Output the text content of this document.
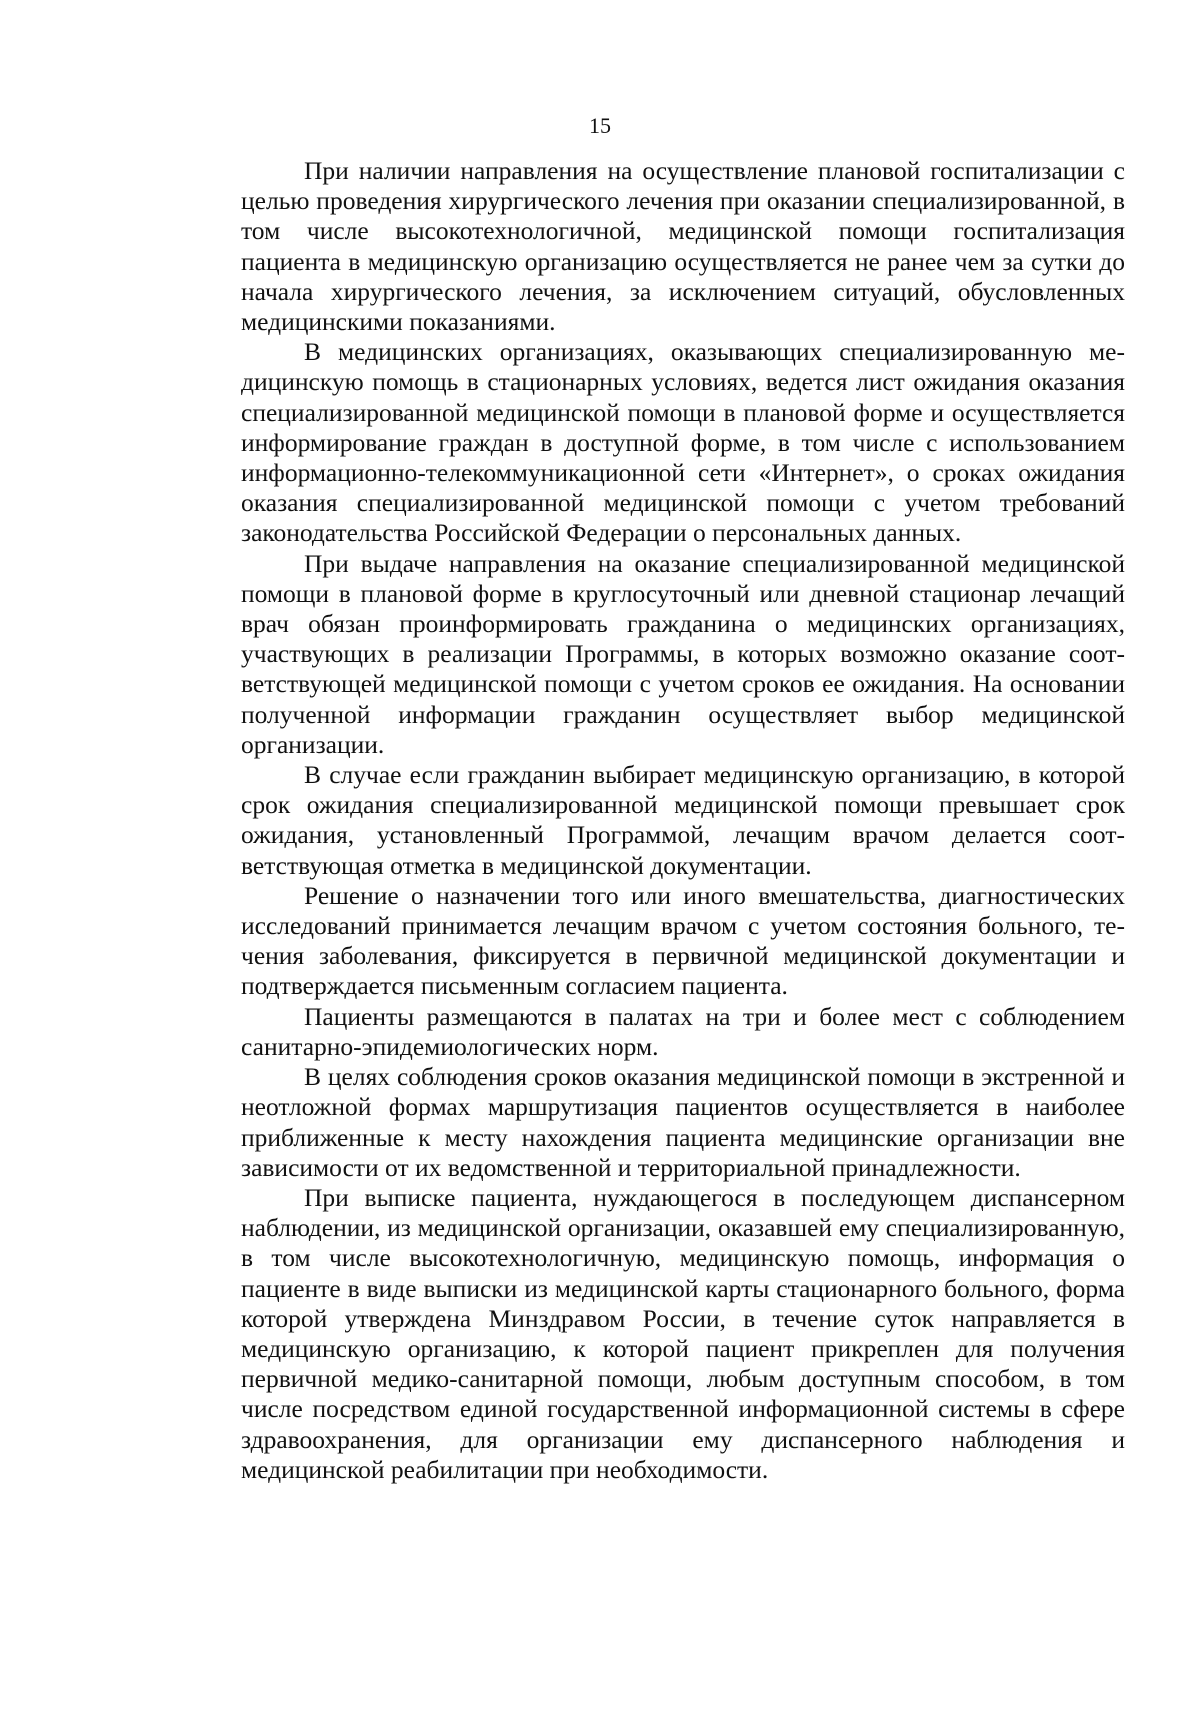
15

При наличии направления на осуществление плановой госпитализации с целью проведения хирургического лечения при оказании специализированной, в том числе высокотехнологичной, медицинской помощи госпитализация пациента в медицинскую организацию осуществляется не ранее чем за сутки до начала хирургического лечения, за исключением ситуаций, обусловленных медицинскими показаниями.

В медицинских организациях, оказывающих специализированную медицинскую помощь в стационарных условиях, ведется лист ожидания оказания специализированной медицинской помощи в плановой форме и осуществляется информирование граждан в доступной форме, в том числе с использованием информационно-телекоммуникационной сети «Интернет», о сроках ожидания оказания специализированной медицинской помощи с учетом требований законодательства Российской Федерации о персональных данных.

При выдаче направления на оказание специализированной медицинской помощи в плановой форме в круглосуточный или дневной стационар лечащий врач обязан проинформировать гражданина о медицинских организациях, участвующих в реализации Программы, в которых возможно оказание соответствующей медицинской помощи с учетом сроков ее ожидания. На основании полученной информации гражданин осуществляет выбор медицинской организации.

В случае если гражданин выбирает медицинскую организацию, в которой срок ожидания специализированной медицинской помощи превышает срок ожидания, установленный Программой, лечащим врачом делается соответствующая отметка в медицинской документации.

Решение о назначении того или иного вмешательства, диагностических исследований принимается лечащим врачом с учетом состояния больного, течения заболевания, фиксируется в первичной медицинской документации и подтверждается письменным согласием пациента.

Пациенты размещаются в палатах на три и более мест с соблюдением санитарно-эпидемиологических норм.

В целях соблюдения сроков оказания медицинской помощи в экстренной и неотложной формах маршрутизация пациентов осуществляется в наиболее приближенные к месту нахождения пациента медицинские организации вне зависимости от их ведомственной и территориальной принадлежности.

При выписке пациента, нуждающегося в последующем диспансерном наблюдении, из медицинской организации, оказавшей ему специализированную, в том числе высокотехнологичную, медицинскую помощь, информация о пациенте в виде выписки из медицинской карты стационарного больного, форма которой утверждена Минздравом России, в течение суток направляется в медицинскую организацию, к которой пациент прикреплен для получения первичной медико-санитарной помощи, любым доступным способом, в том числе посредством единой государственной информационной системы в сфере здравоохранения, для организации ему диспансерного наблюдения и медицинской реабилитации при необходимости.
